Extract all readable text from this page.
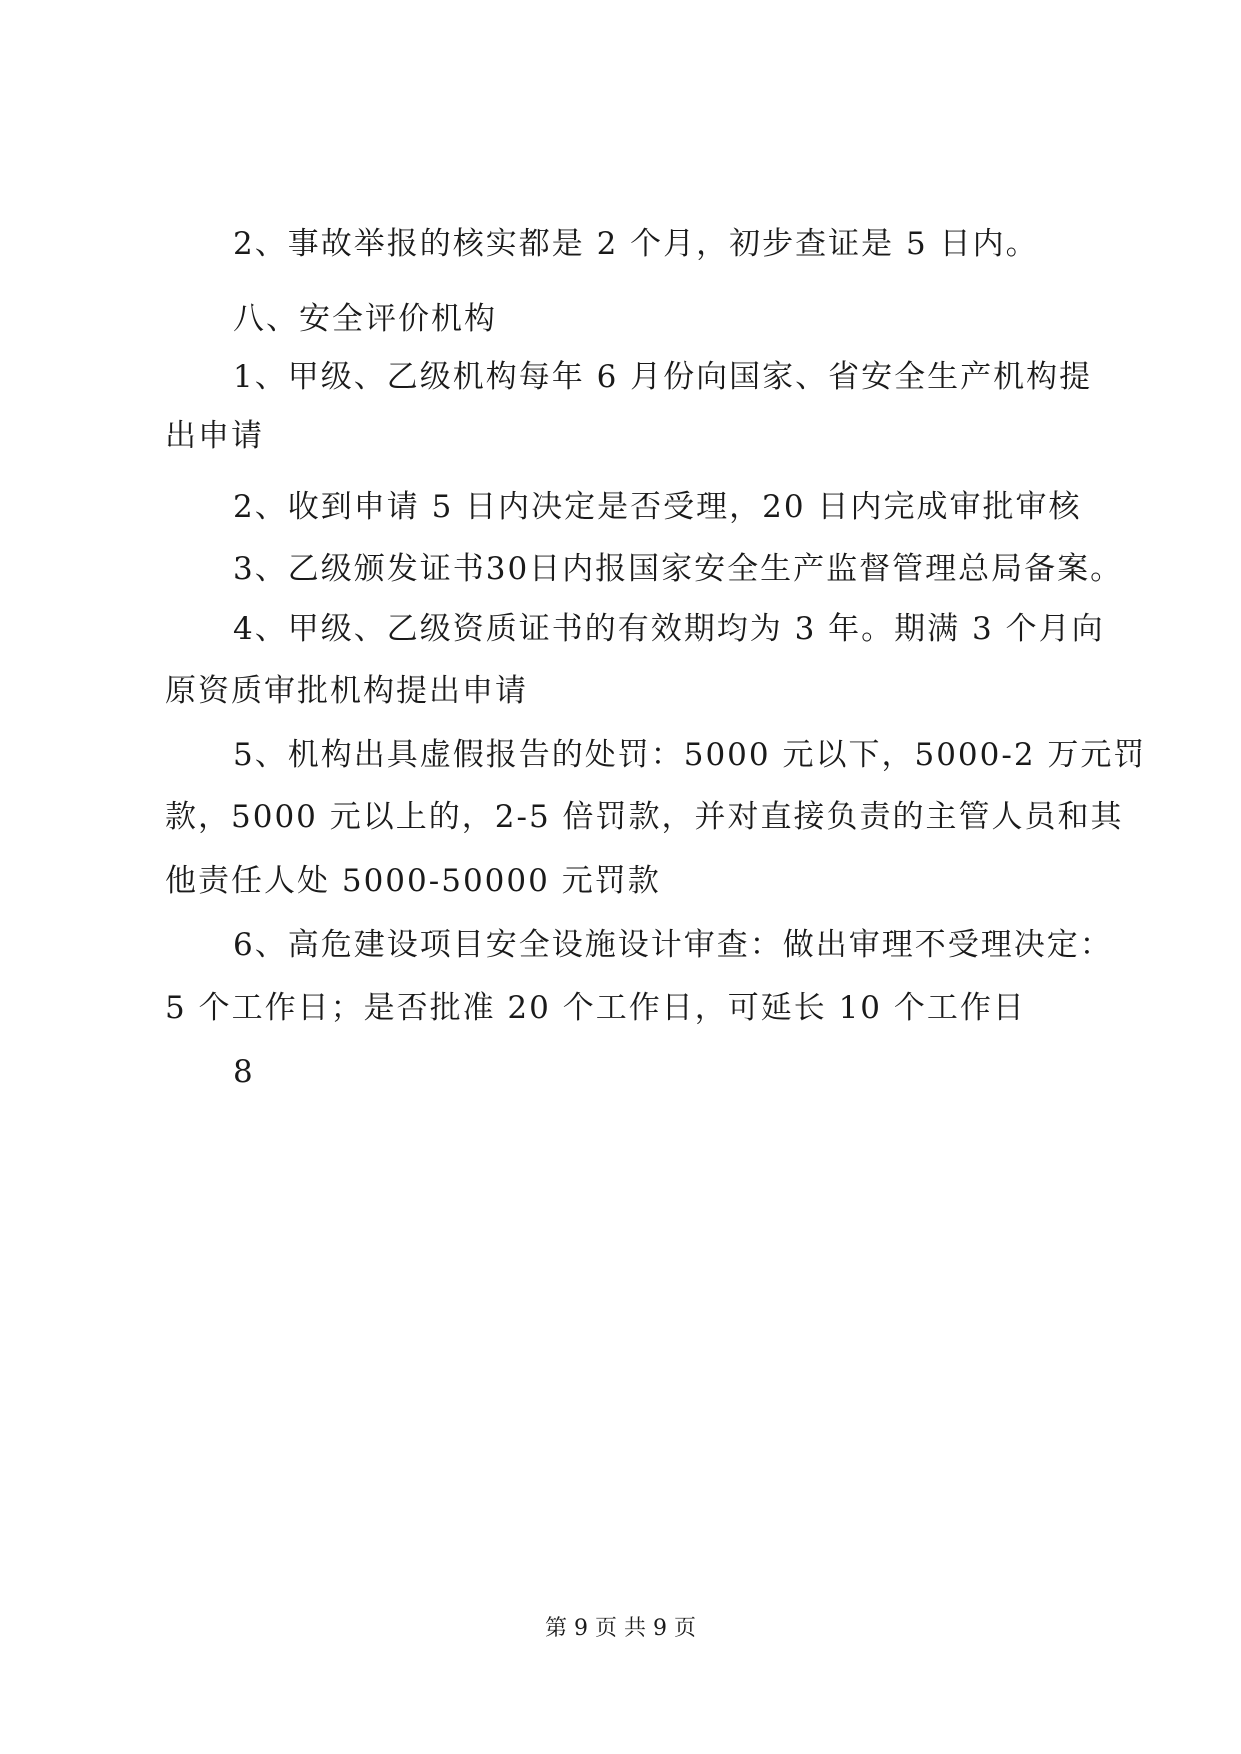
2、事故举报的核实都是 2 个月，初步查证是 5 日内。
八、安全评价机构
1、甲级、乙级机构每年 6 月份向国家、省安全生产机构提
出申请
2、收到申请 5 日内决定是否受理，20 日内完成审批审核
3、乙级颁发证书30日内报国家安全生产监督管理总局备案。
4、甲级、乙级资质证书的有效期均为 3 年。期满 3 个月向
原资质审批机构提出申请
5、机构出具虚假报告的处罚：5000 元以下，5000-2 万元罚
款，5000 元以上的，2-5 倍罚款，并对直接负责的主管人员和其
他责任人处 5000-50000 元罚款
6、高危建设项目安全设施设计审查：做出审理不受理决定：
5 个工作日；是否批准 20 个工作日，可延长 10 个工作日
8
第 9 页 共 9 页
